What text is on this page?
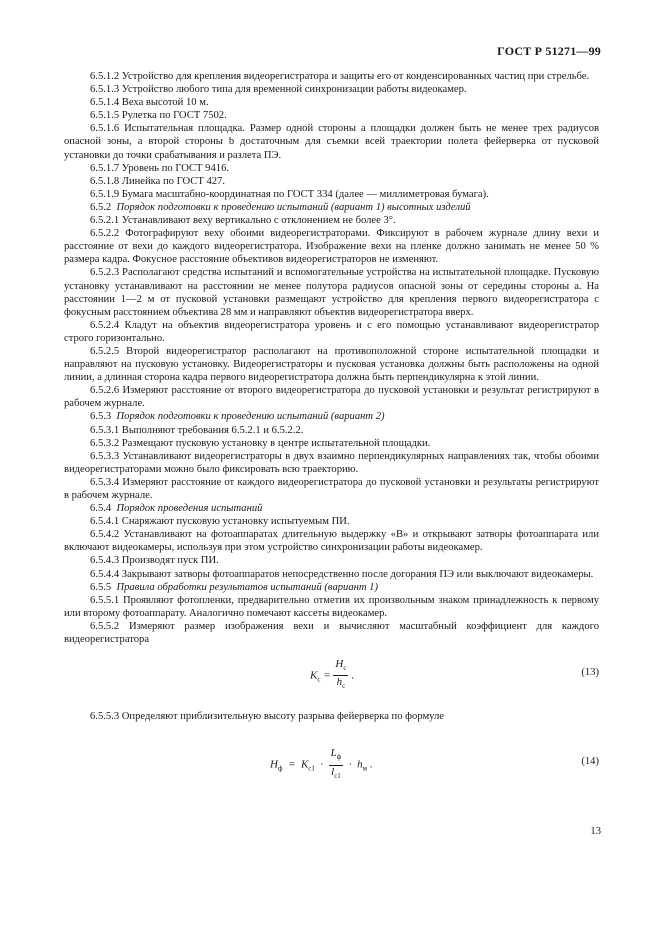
ГОСТ Р 51271—99

6.5.1.2 Устройство для крепления видеорегистратора и защиты его от конденсированных частиц при стрельбе.

6.5.1.3 Устройство любого типа для временной синхронизации работы видеокамер.

6.5.1.4 Веха высотой 10 м.

6.5.1.5 Рулетка по ГОСТ 7502.

6.5.1.6 Испытательная площадка. Размер одной стороны a площадки должен быть не менее трех радиусов опасной зоны, а второй стороны b достаточным для съемки всей траектории полета фейерверка от пусковой установки до точки срабатывания и разлета ПЭ.

6.5.1.7 Уровень по ГОСТ 9416.

6.5.1.8 Линейка по ГОСТ 427.

6.5.1.9 Бумага масштабно-координатная по ГОСТ 334 (далее — миллиметровая бумага).

6.5.2 Порядок подготовки к проведению испытаний (вариант 1) высотных изделий

6.5.2.1 Устанавливают веху вертикально с отклонением не более 3°.

6.5.2.2 Фотографируют веху обоими видеорегистраторами. Фиксируют в рабочем журнале длину вехи и расстояние от вехи до каждого видеорегистратора. Изображение вехи на пленке должно занимать не менее 50 % размера кадра. Фокусное расстояние объективов видеорегистраторов не изменяют.

6.5.2.3 Располагают средства испытаний и вспомогательные устройства на испытательной площадке. Пусковую установку устанавливают на расстоянии не менее полутора радиусов опасной зоны от середины стороны a. На расстоянии 1—2 м от пусковой установки размещают устройство для крепления первого видеорегистратора с фокусным расстоянием объектива 28 мм и направляют объектив видеорегистратора вверх.

6.5.2.4 Кладут на объектив видеорегистратора уровень и с его помощью устанавливают видеорегистратор строго горизонтально.

6.5.2.5 Второй видеорегистратор располагают на противоположной стороне испытательной площадки и направляют на пусковую установку. Видеорегистраторы и пусковая установка должны быть расположены на одной линии, а длинная сторона кадра первого видеорегистратора должна быть перпендикулярна к этой линии.

6.5.2.6 Измеряют расстояние от второго видеорегистратора до пусковой установки и результат регистрируют в рабочем журнале.

6.5.3 Порядок подготовки к проведению испытаний (вариант 2)

6.5.3.1 Выполняют требования 6.5.2.1 и 6.5.2.2.

6.5.3.2 Размещают пусковую установку в центре испытательной площадки.

6.5.3.3 Устанавливают видеорегистраторы в двух взаимно перпендикулярных направлениях так, чтобы обоими видеорегистраторами можно было фиксировать всю траекторию.

6.5.3.4 Измеряют расстояние от каждого видеорегистратора до пусковой установки и результаты регистрируют в рабочем журнале.

6.5.4 Порядок проведения испытаний

6.5.4.1 Снаряжают пусковую установку испытуемым ПИ.

6.5.4.2 Устанавливают на фотоаппаратах длительную выдержку «В» и открывают затворы фотоаппарата или включают видеокамеры, используя при этом устройство синхронизации работы видеокамер.

6.5.4.3 Производят пуск ПИ.

6.5.4.4 Закрывают затворы фотоаппаратов непосредственно после догорания ПЭ или выключают видеокамеры.

6.5.5 Правила обработки результатов испытаний (вариант 1)

6.5.5.1 Проявляют фотопленки, предварительно отметив их произвольным знаком принадлежность к первому или второму фотоаппарату. Аналогично помечают кассеты видеокамер.

6.5.5.2 Измеряют размер изображения вехи и вычисляют масштабный коэффициент для каждого видеорегистратора

$K_с = \frac{H_с}{h_с}$ .	(13)

6.5.5.3 Определяют приблизительную высоту разрыва фейерверка по формуле

$H_ф = K_{с1} \cdot \frac{L_ф}{l_{с1}} \cdot h_м$ .	(14)
13
